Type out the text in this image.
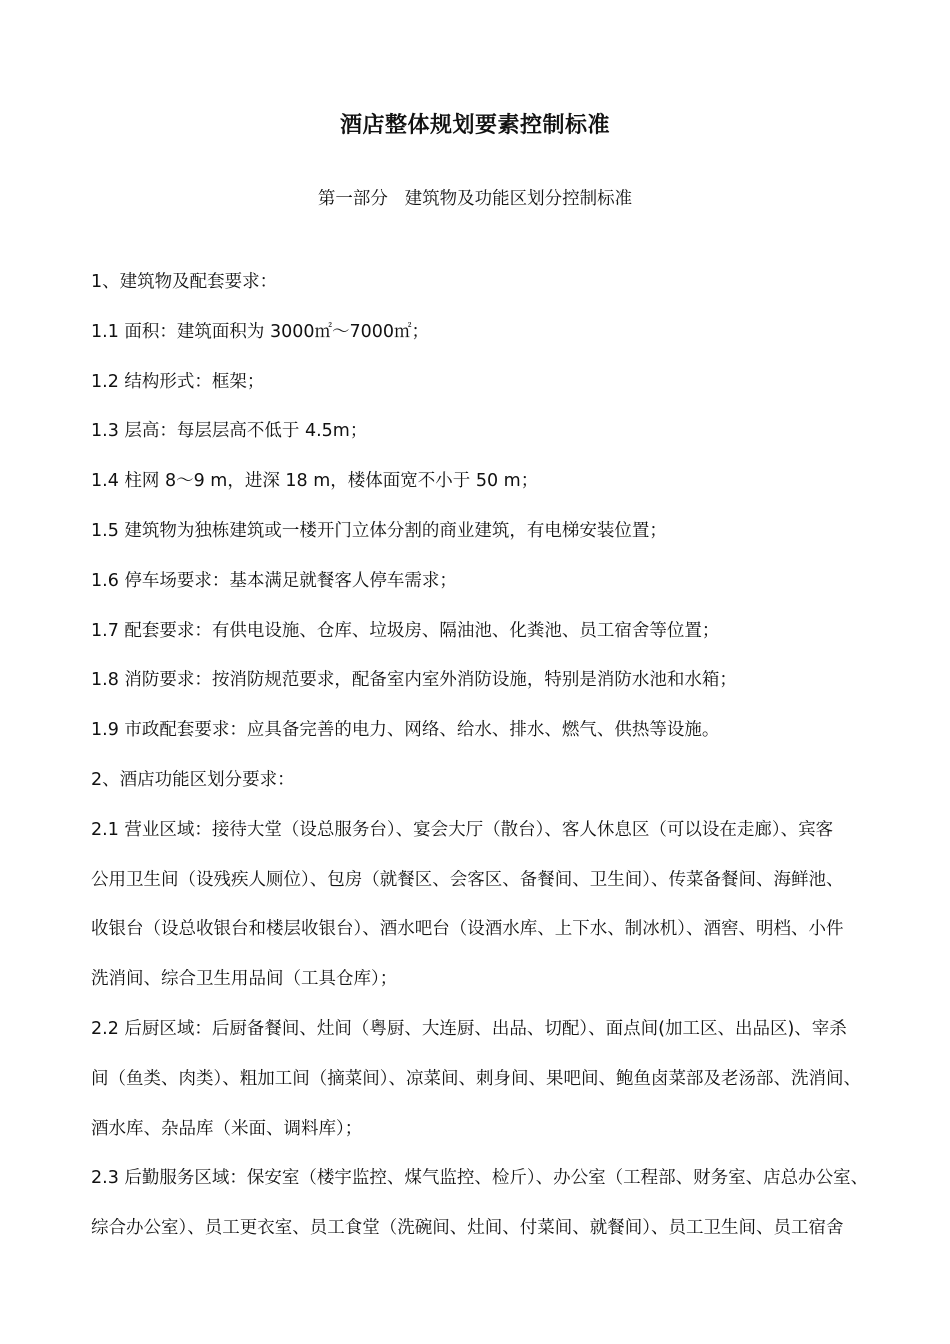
酒店整体规划要素控制标准
第一部分   建筑物及功能区划分控制标准
1、建筑物及配套要求：
1.1 面积：建筑面积为 3000㎡～7000㎡；
1.2 结构形式：框架；
1.3 层高：每层层高不低于 4.5m；
1.4 柱网 8～9 m，进深 18 m，楼体面宽不小于 50 m；
1.5 建筑物为独栋建筑或一楼开门立体分割的商业建筑，有电梯安装位置；
1.6 停车场要求：基本满足就餐客人停车需求；
1.7 配套要求：有供电设施、仓库、垃圾房、隔油池、化粪池、员工宿舍等位置；
1.8 消防要求：按消防规范要求，配备室内室外消防设施，特别是消防水池和水箱；
1.9 市政配套要求：应具备完善的电力、网络、给水、排水、燃气、供热等设施。
2、酒店功能区划分要求：
2.1 营业区域：接待大堂（设总服务台）、宴会大厅（散台）、客人休息区（可以设在走廊）、宾客
公用卫生间（设残疾人厕位）、包房（就餐区、会客区、备餐间、卫生间）、传菜备餐间、海鲜池、
收银台（设总收银台和楼层收银台）、酒水吧台（设酒水库、上下水、制冰机）、酒窖、明档、小件
洗消间、综合卫生用品间（工具仓库）；
2.2 后厨区域：后厨备餐间、灶间（粤厨、大连厨、出品、切配）、面点间(加工区、出品区)、宰杀
间（鱼类、肉类）、粗加工间（摘菜间）、凉菜间、刺身间、果吧间、鲍鱼卤菜部及老汤部、洗消间、
酒水库、杂品库（米面、调料库）；
2.3 后勤服务区域：保安室（楼宇监控、煤气监控、检斤）、办公室（工程部、财务室、店总办公室、
综合办公室）、员工更衣室、员工食堂（洗碗间、灶间、付菜间、就餐间）、员工卫生间、员工宿舍
